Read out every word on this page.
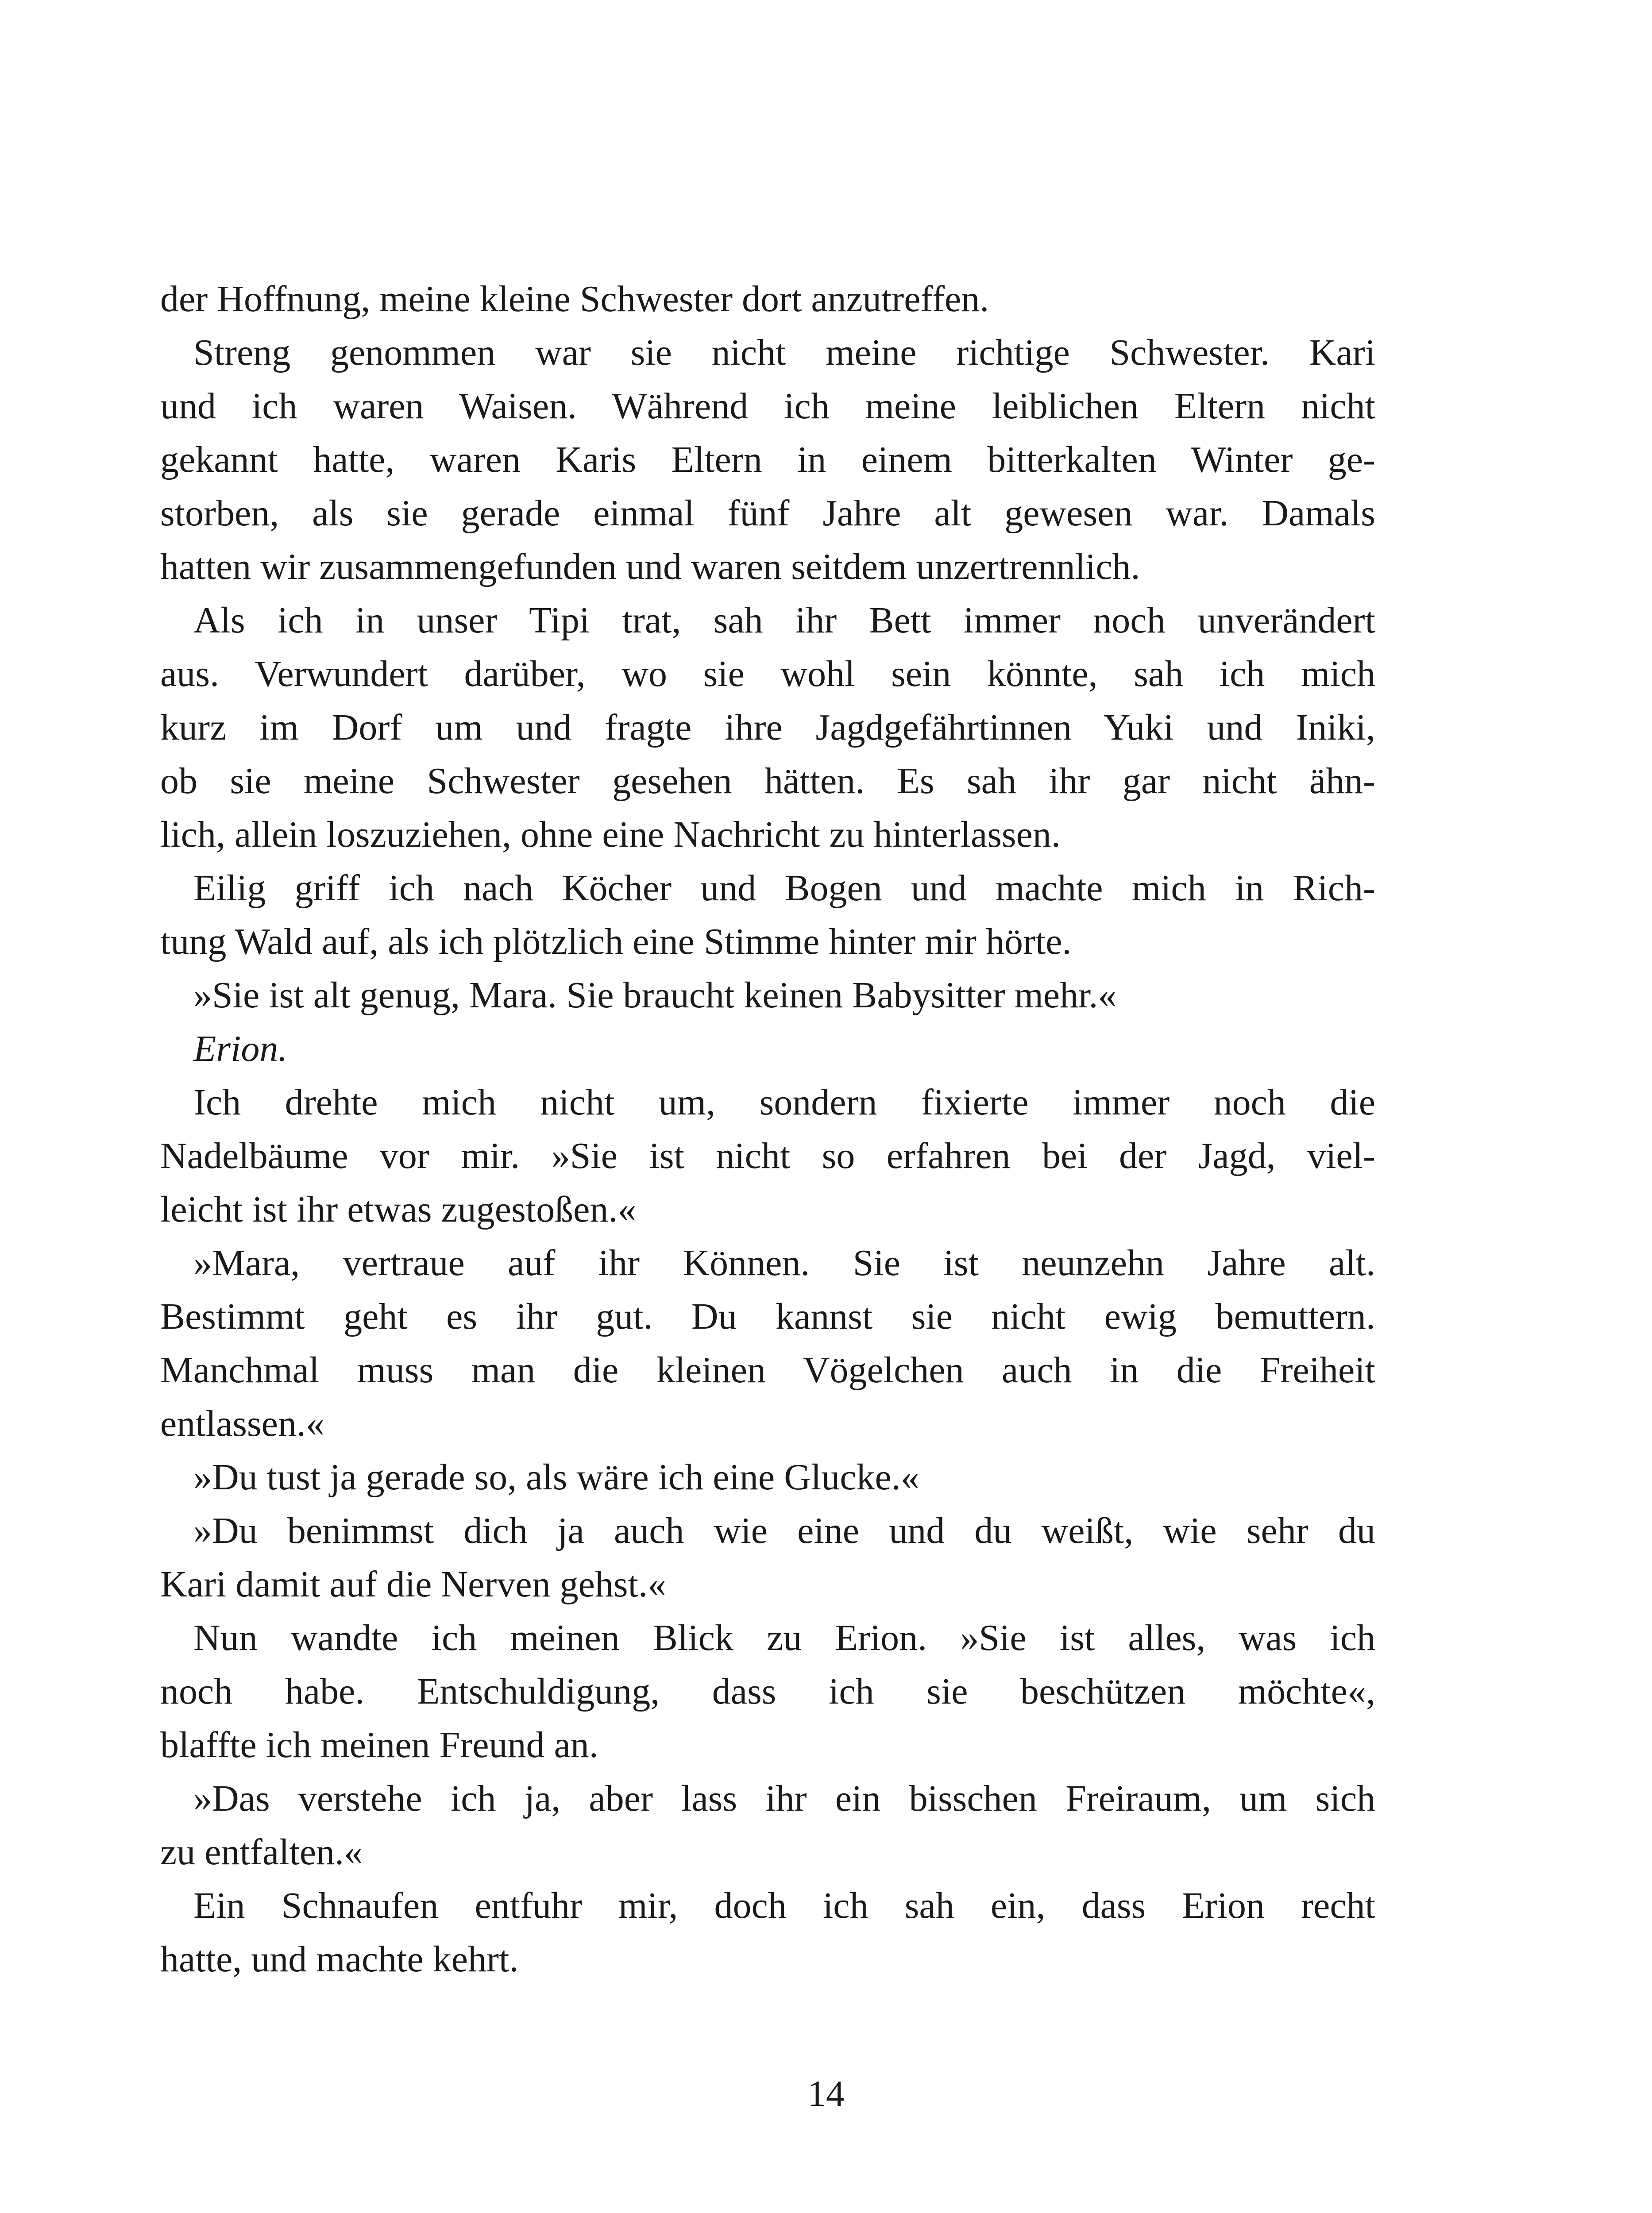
der Hoffnung, meine kleine Schwester dort anzutreffen.
Streng genommen war sie nicht meine richtige Schwester. Kari
und ich waren Waisen. Während ich meine leiblichen Eltern nicht
gekannt hatte, waren Karis Eltern in einem bitterkalten Winter ge-
storben, als sie gerade einmal fünf Jahre alt gewesen war. Damals
hatten wir zusammengefunden und waren seitdem unzertrennlich.
Als ich in unser Tipi trat, sah ihr Bett immer noch unverändert
aus. Verwundert darüber, wo sie wohl sein könnte, sah ich mich
kurz im Dorf um und fragte ihre Jagdgefährtinnen Yuki und Iniki,
ob sie meine Schwester gesehen hätten. Es sah ihr gar nicht ähn-
lich, allein loszuziehen, ohne eine Nachricht zu hinterlassen.
Eilig griff ich nach Köcher und Bogen und machte mich in Rich-
tung Wald auf, als ich plötzlich eine Stimme hinter mir hörte.
»Sie ist alt genug, Mara. Sie braucht keinen Babysitter mehr.«
Erion.
Ich drehte mich nicht um, sondern fixierte immer noch die
Nadelbäume vor mir. »Sie ist nicht so erfahren bei der Jagd, viel-
leicht ist ihr etwas zugestoßen.«
»Mara, vertraue auf ihr Können. Sie ist neunzehn Jahre alt.
Bestimmt geht es ihr gut. Du kannst sie nicht ewig bemuttern.
Manchmal muss man die kleinen Vögelchen auch in die Freiheit
entlassen.«
»Du tust ja gerade so, als wäre ich eine Glucke.«
»Du benimmst dich ja auch wie eine und du weißt, wie sehr du
Kari damit auf die Nerven gehst.«
Nun wandte ich meinen Blick zu Erion. »Sie ist alles, was ich
noch habe. Entschuldigung, dass ich sie beschützen möchte«,
blaffte ich meinen Freund an.
»Das verstehe ich ja, aber lass ihr ein bisschen Freiraum, um sich
zu entfalten.«
Ein Schnaufen entfuhr mir, doch ich sah ein, dass Erion recht
hatte, und machte kehrt.
14
